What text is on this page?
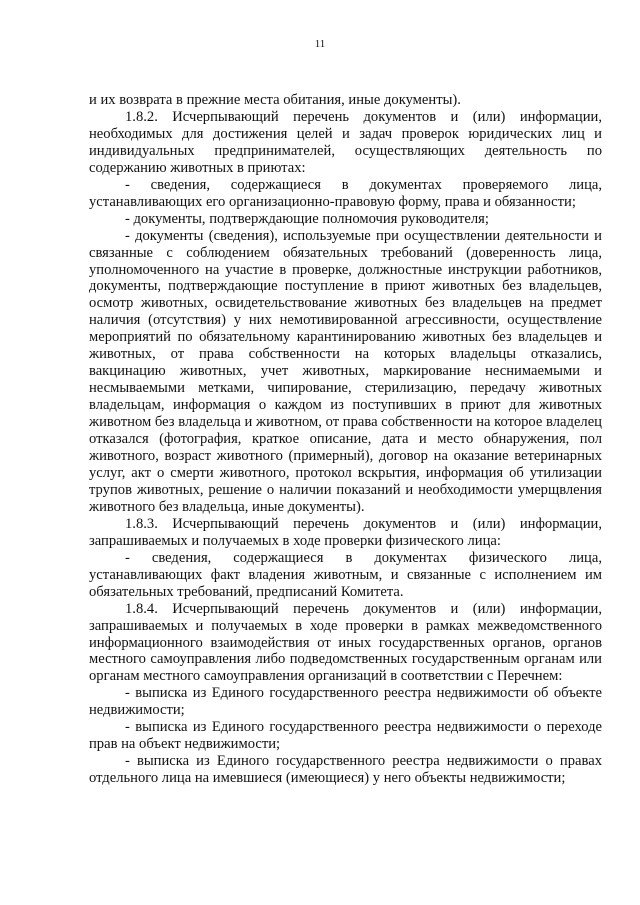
11

и их возврата в прежние места обитания, иные документы).

1.8.2. Исчерпывающий перечень документов и (или) информации, необходимых для достижения целей и задач проверок юридических лиц и индивидуальных предпринимателей, осуществляющих деятельность по содержанию животных в приютах:

- сведения, содержащиеся в документах проверяемого лица, устанавливающих его организационно-правовую форму, права и обязанности;

- документы, подтверждающие полномочия руководителя;

- документы (сведения), используемые при осуществлении деятельности и связанные с соблюдением обязательных требований (доверенность лица, уполномоченного на участие в проверке, должностные инструкции работников, документы, подтверждающие поступление в приют животных без владельцев, осмотр животных, освидетельствование животных без владельцев на предмет наличия (отсутствия) у них немотивированной агрессивности, осуществление мероприятий по обязательному карантинированию животных без владельцев и животных, от права собственности на которых владельцы отказались, вакцинацию животных, учет животных, маркирование неснимаемыми и несмываемыми метками, чипирование, стерилизацию, передачу животных владельцам, информация о каждом из поступивших в приют для животных животном без владельца и животном, от права собственности на которое владелец отказался (фотография, краткое описание, дата и место обнаружения, пол животного, возраст животного (примерный), договор на оказание ветеринарных услуг, акт о смерти животного, протокол вскрытия, информация об утилизации трупов животных, решение о наличии показаний и необходимости умерщвления животного без владельца, иные документы).

1.8.3. Исчерпывающий перечень документов и (или) информации, запрашиваемых и получаемых в ходе проверки физического лица:

- сведения, содержащиеся в документах физического лица, устанавливающих факт владения животным, и связанные с исполнением им обязательных требований, предписаний Комитета.

1.8.4. Исчерпывающий перечень документов и (или) информации, запрашиваемых и получаемых в ходе проверки в рамках межведомственного информационного взаимодействия от иных государственных органов, органов местного самоуправления либо подведомственных государственным органам или органам местного самоуправления организаций в соответствии с Перечнем:

- выписка из Единого государственного реестра недвижимости об объекте недвижимости;

- выписка из Единого государственного реестра недвижимости о переходе прав на объект недвижимости;

- выписка из Единого государственного реестра недвижимости о правах отдельного лица на имевшиеся (имеющиеся) у него объекты недвижимости;
